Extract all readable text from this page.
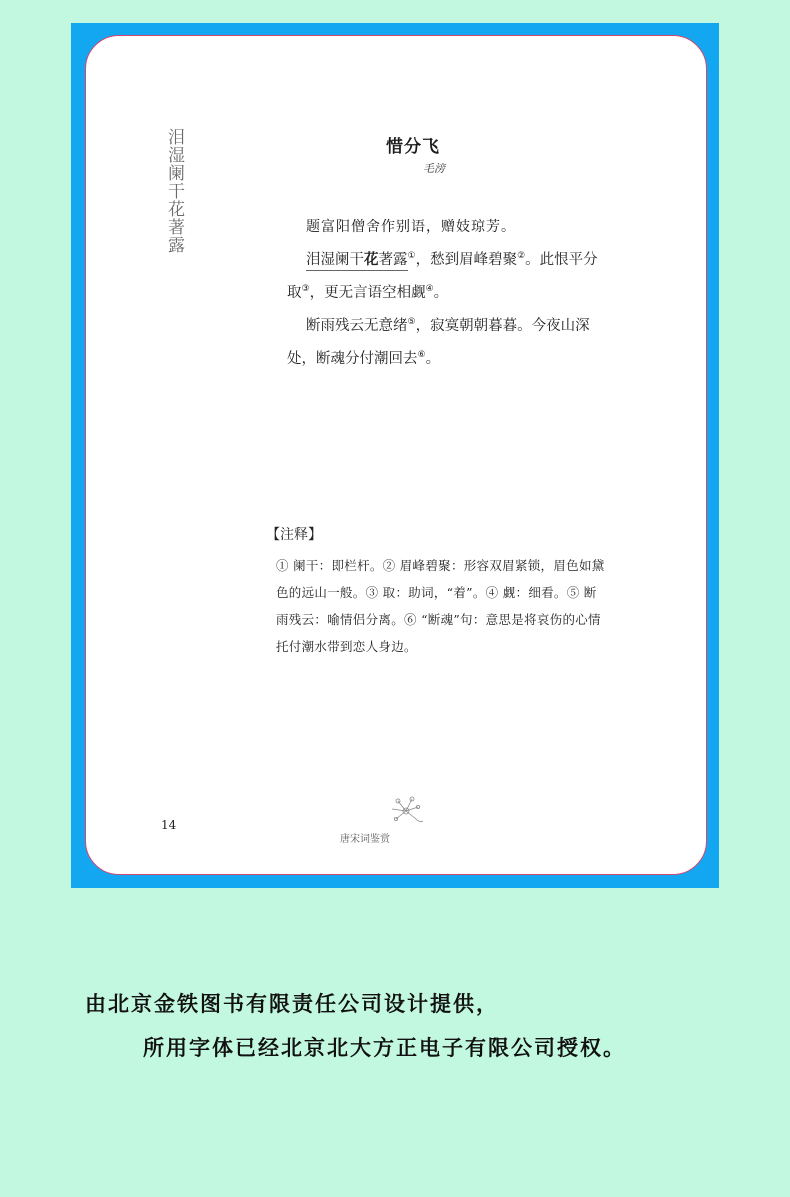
泪湿阑干花著露	惜分飞
毛滂
题富阳僧舍作别语，赠妓琼芳。

泪湿阑干花著露①，愁到眉峰碧聚②。此恨平分取③，更无言语空相觑④。

断雨残云无意绪⑤，寂寞朝朝暮暮。今夜山深处，断魂分付潮回去⑥。

【注释】
① 阑干：即栏杆。② 眉峰碧聚：形容双眉紧锁，眉色如黛色的远山一般。③ 取：助词，“着”。④ 觑：细看。⑤ 断雨残云：喻情侣分离。⑥ “断魂”句：意思是将哀伤的心情托付潮水带到恋人身边。
14
唐宋词鉴赏
由北京金铁图书有限责任公司设计提供，
所用字体已经北京北大方正电子有限公司授权。
